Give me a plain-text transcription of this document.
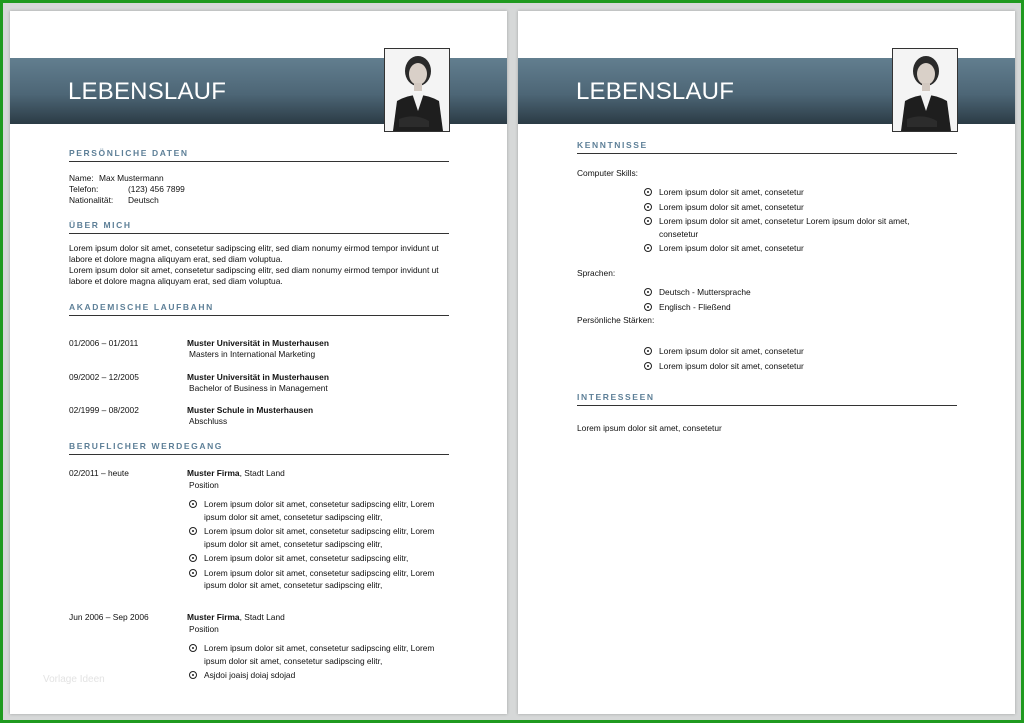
LEBENSLAUF
PERSÖNLICHE DATEN
Name: Max Mustermann
Telefon:	(123) 456 7899
Nationalität: Deutsch
ÜBER MICH
Lorem ipsum dolor sit amet, consetetur sadipscing elitr, sed diam nonumy eirmod tempor invidunt ut
labore et dolore magna aliquyam erat, sed diam voluptua.
Lorem ipsum dolor sit amet, consetetur sadipscing elitr, sed diam nonumy eirmod tempor invidunt ut
labore et dolore magna aliquyam erat, sed diam voluptua.
AKADEMISCHE LAUFBAHN
01/2006 – 01/2011	Muster Universität in Musterhausen
Masters in International Marketing
09/2002 – 12/2005	Muster Universität in Musterhausen
Bachelor of Business in Management
02/1999 – 08/2002	Muster Schule in Musterhausen
Abschluss
BERUFLICHER WERDEGANG
02/2011 – heute	Muster Firma, Stadt Land
Position
Lorem ipsum dolor sit amet, consetetur sadipscing elitr, Lorem ipsum dolor sit amet, consetetur sadipscing elitr,
Lorem ipsum dolor sit amet, consetetur sadipscing elitr, Lorem ipsum dolor sit amet, consetetur sadipscing elitr,
Lorem ipsum dolor sit amet, consetetur sadipscing elitr,
Lorem ipsum dolor sit amet, consetetur sadipscing elitr, Lorem ipsum dolor sit amet, consetetur sadipscing elitr,
Jun 2006 – Sep 2006	Muster Firma, Stadt Land
Position
Lorem ipsum dolor sit amet, consetetur sadipscing elitr, Lorem ipsum dolor sit amet, consetetur sadipscing elitr,
Asjdoi joaisj doiaj sdojad
Vorlage Ideen
LEBENSLAUF
KENNTNISSE
Computer Skills:
Lorem ipsum dolor sit amet, consetetur
Lorem ipsum dolor sit amet, consetetur
Lorem ipsum dolor sit amet, consetetur Lorem ipsum dolor sit amet, consetetur
Lorem ipsum dolor sit amet, consetetur
Sprachen:
Deutsch - Muttersprache
Englisch - Fließend
Persönliche Stärken:
Lorem ipsum dolor sit amet, consetetur
Lorem ipsum dolor sit amet, consetetur
INTERESSEEN
Lorem ipsum dolor sit amet, consetetur
